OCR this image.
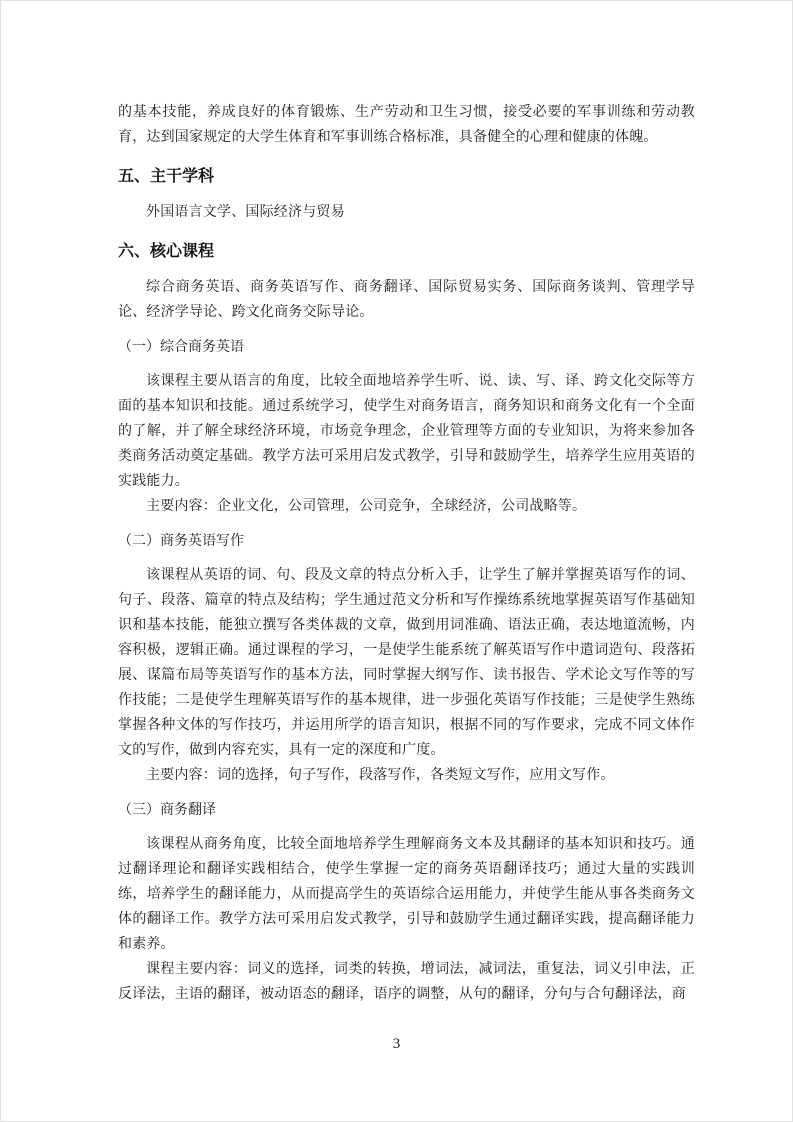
的基本技能，养成良好的体育锻炼、生产劳动和卫生习惯，接受必要的军事训练和劳动教育，达到国家规定的大学生体育和军事训练合格标准，具备健全的心理和健康的体魄。

五、主干学科

外国语言文学、国际经济与贸易

六、核心课程

综合商务英语、商务英语写作、商务翻译、国际贸易实务、国际商务谈判、管理学导论、经济学导论、跨文化商务交际导论。

（一）综合商务英语

该课程主要从语言的角度，比较全面地培养学生听、说、读、写、译、跨文化交际等方面的基本知识和技能。通过系统学习，使学生对商务语言，商务知识和商务文化有一个全面的了解，并了解全球经济环境，市场竞争理念，企业管理等方面的专业知识，为将来参加各类商务活动奠定基础。教学方法可采用启发式教学，引导和鼓励学生，培养学生应用英语的实践能力。

主要内容：企业文化，公司管理，公司竞争，全球经济，公司战略等。

（二）商务英语写作

该课程从英语的词、句、段及文章的特点分析入手，让学生了解并掌握英语写作的词、句子、段落、篇章的特点及结构；学生通过范文分析和写作操练系统地掌握英语写作基础知识和基本技能，能独立撰写各类体裁的文章，做到用词准确、语法正确，表达地道流畅，内容积极，逻辑正确。通过课程的学习，一是使学生能系统了解英语写作中遣词造句、段落拓展、谋篇布局等英语写作的基本方法，同时掌握大纲写作、读书报告、学术论文写作等的写作技能；二是使学生理解英语写作的基本规律，进一步强化英语写作技能；三是使学生熟练掌握各种文体的写作技巧，并运用所学的语言知识，根据不同的写作要求，完成不同文体作文的写作，做到内容充实，具有一定的深度和广度。

主要内容：词的选择，句子写作，段落写作，各类短文写作，应用文写作。

（三）商务翻译

该课程从商务角度，比较全面地培养学生理解商务文本及其翻译的基本知识和技巧。通过翻译理论和翻译实践相结合，使学生掌握一定的商务英语翻译技巧；通过大量的实践训练，培养学生的翻译能力，从而提高学生的英语综合运用能力，并使学生能从事各类商务文体的翻译工作。教学方法可采用启发式教学，引导和鼓励学生通过翻译实践，提高翻译能力和素养。

课程主要内容：词义的选择，词类的转换，增词法，减词法，重复法，词义引申法，正反译法，主语的翻译，被动语态的翻译，语序的调整，从句的翻译，分句与合句翻译法，商

3
